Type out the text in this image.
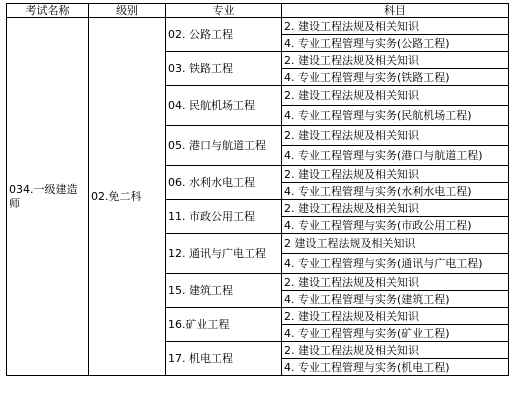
考试名称	级别	专业	科目
034.一级建造师	02.免二科	02. 公路工程	2. 建设工程法规及相关知识
			4. 专业工程管理与实务(公路工程)
		03. 铁路工程	2. 建设工程法规及相关知识
			4. 专业工程管理与实务(铁路工程)
		04. 民航机场工程	2. 建设工程法规及相关知识
			4. 专业工程管理与实务(民航机场工程)
		05. 港口与航道工程	2. 建设工程法规及相关知识
			4. 专业工程管理与实务(港口与航道工程)
		06. 水利水电工程	2. 建设工程法规及相关知识
			4. 专业工程管理与实务(水利水电工程)
		11. 市政公用工程	2. 建设工程法规及相关知识
			4. 专业工程管理与实务(市政公用工程)
		12. 通讯与广电工程	2 建设工程法规及相关知识
			4. 专业工程管理与实务(通讯与广电工程)
		15. 建筑工程	2. 建设工程法规及相关知识
			4. 专业工程管理与实务(建筑工程)
		16.矿业工程	2. 建设工程法规及相关知识
			4. 专业工程管理与实务(矿业工程)
		17. 机电工程	2. 建设工程法规及相关知识
			4. 专业工程管理与实务(机电工程)
